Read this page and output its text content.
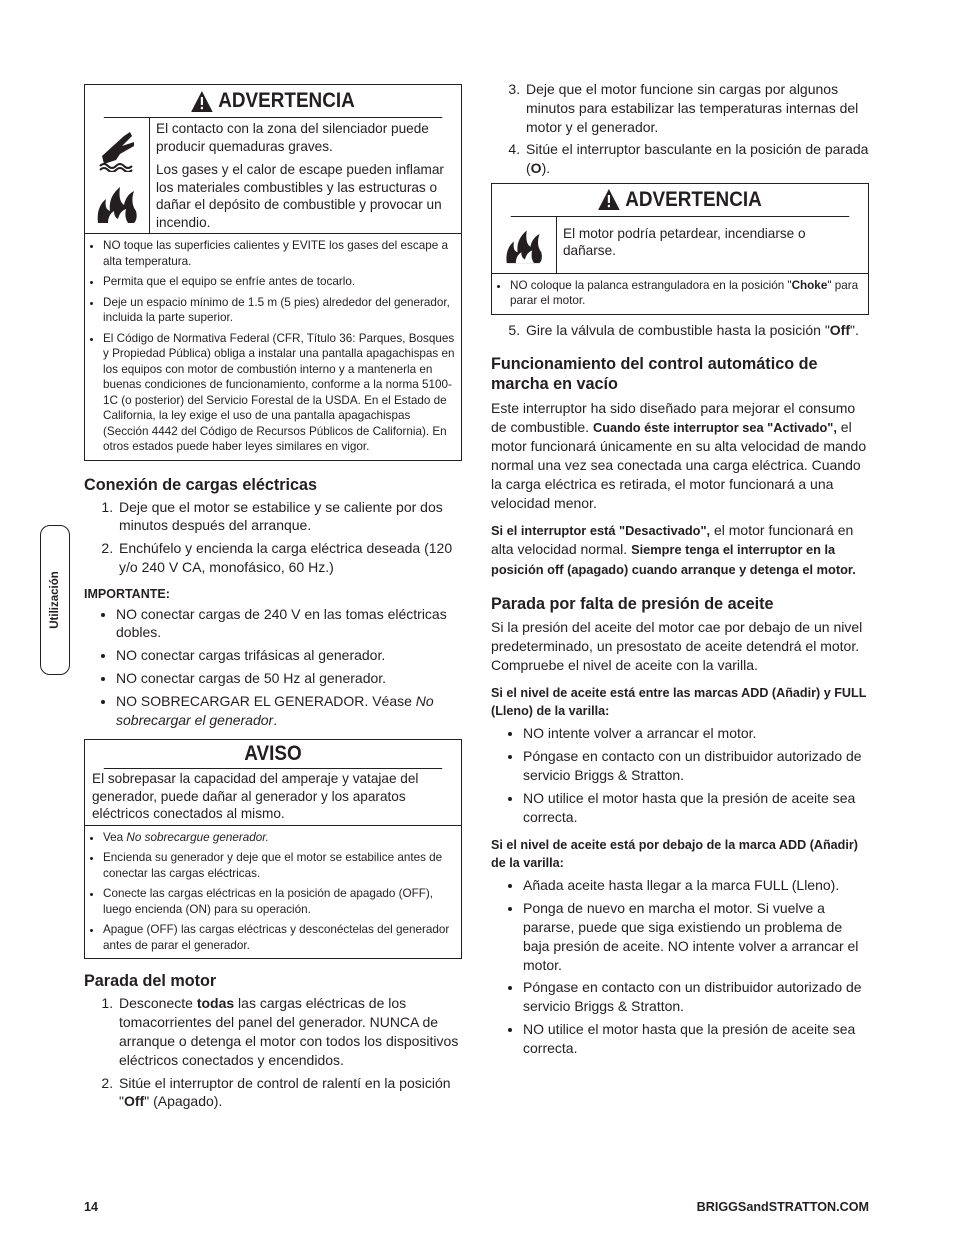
Utilización
ADVERTENCIA

El contacto con la zona del silenciador puede producir quemaduras graves.

Los gases y el calor de escape pueden inflamar los materiales combustibles y las estructuras o dañar el depósito de combustible y provocar un incendio.

• NO toque las superficies calientes y EVITE los gases del escape a alta temperatura.
• Permita que el equipo se enfríe antes de tocarlo.
• Deje un espacio mínimo de 1.5 m (5 pies) alrededor del generador, incluida la parte superior.
• El Código de Normativa Federal (CFR, Título 36: Parques, Bosques y Propiedad Pública) obliga a instalar una pantalla apagachispas en los equipos con motor de combustión interno y a mantenerla en buenas condiciones de funcionamiento, conforme a la norma 5100-1C (o posterior) del Servicio Forestal de la USDA. En el Estado de California, la ley exige el uso de una pantalla apagachispas (Sección 4442 del Código de Recursos Públicos de California). En otros estados puede haber leyes similares en vigor.
Conexión de cargas eléctricas
1. Deje que el motor se estabilice y se caliente por dos minutos después del arranque.
2. Enchúfelo y encienda la carga eléctrica deseada (120 y/o 240 V CA, monofásico, 60 Hz.)

IMPORTANTE:

• NO conectar cargas de 240 V en las tomas eléctricas dobles.
• NO conectar cargas trifásicas al generador.
• NO conectar cargas de 50 Hz al generador.
• NO SOBRECARGAR EL GENERADOR. Véase No sobrecargar el generador.
AVISO
El sobrepasar la capacidad del amperaje y vatajae del generador, puede dañar al generador y los aparatos eléctricos conectados al mismo.
• Vea No sobrecargue generador.
• Encienda su generador y deje que el motor se estabilice antes de conectar las cargas eléctricas.
• Conecte las cargas eléctricas en la posición de apagado (OFF), luego encienda (ON) para su operación.
• Apague (OFF) las cargas eléctricas y desconéctelas del generador antes de parar el generador.
Parada del motor
1. Desconecte todas las cargas eléctricas de los tomacorrientes del panel del generador. NUNCA de arranque o detenga el motor con todos los dispositivos eléctricos conectados y encendidos.
2. Sitúe el interruptor de control de ralentí en la posición "Off" (Apagado).
3. Deje que el motor funcione sin cargas por algunos minutos para estabilizar las temperaturas internas del motor y el generador.
4. Sitúe el interruptor basculante en la posición de parada (O).
ADVERTENCIA
El motor podría petardear, incendiarse o dañarse.
• NO coloque la palanca estranguladora en la posición "Choke" para parar el motor.
5. Gire la válvula de combustible hasta la posición "Off".
Funcionamiento del control automático de marcha en vacío
Este interruptor ha sido diseñado para mejorar el consumo de combustible. Cuando éste interruptor sea "Activado", el motor funcionará únicamente en su alta velocidad de mando normal una vez sea conectada una carga eléctrica. Cuando la carga eléctrica es retirada, el motor funcionará a una velocidad menor.
Si el interruptor está "Desactivado", el motor funcionará en alta velocidad normal. Siempre tenga el interruptor en la posición off (apagado) cuando arranque y detenga el motor.
Parada por falta de presión de aceite
Si la presión del aceite del motor cae por debajo de un nivel predeterminado, un presostato de aceite detendrá el motor. Compruebe el nivel de aceite con la varilla.

Si el nivel de aceite está entre las marcas ADD (Añadir) y FULL (Lleno) de la varilla:

• NO intente volver a arrancar el motor.
• Póngase en contacto con un distribuidor autorizado de servicio Briggs & Stratton.
• NO utilice el motor hasta que la presión de aceite sea correcta.

Si el nivel de aceite está por debajo de la marca ADD (Añadir) de la varilla:

• Añada aceite hasta llegar a la marca FULL (Lleno).
• Ponga de nuevo en marcha el motor. Si vuelve a pararse, puede que siga existiendo un problema de baja presión de aceite. NO intente volver a arrancar el motor.
• Póngase en contacto con un distribuidor autorizado de servicio Briggs & Stratton.
• NO utilice el motor hasta que la presión de aceite sea correcta.
14	BRIGGSandSTRATTON.COM
